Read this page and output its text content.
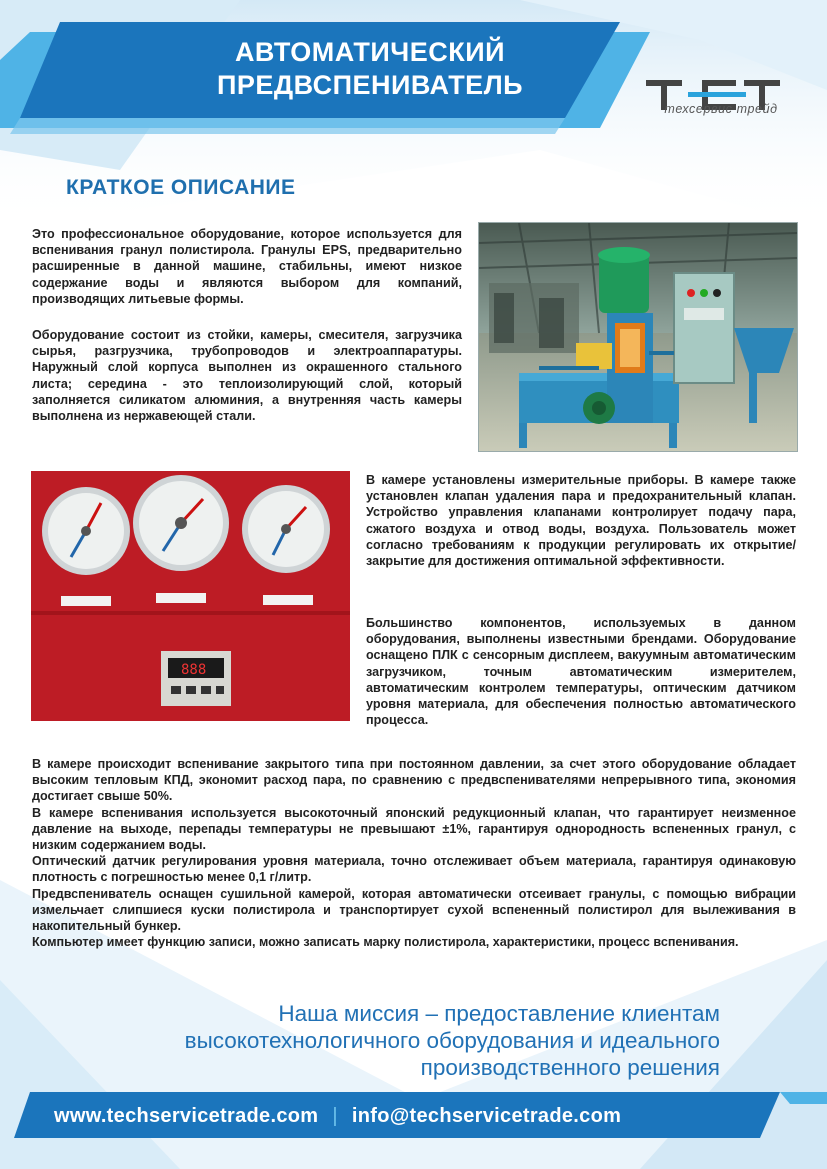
АВТОМАТИЧЕСКИЙ
ПРЕДВСПЕНИВАТЕЛЬ
техсервис трейд
КРАТКОЕ ОПИСАНИЕ

Это профессиональное оборудование, которое используется для вспенивания гранул полистирола. Гранулы EPS, предварительно расширенные в данной машине, стабильны, имеют низкое содержание воды и являются выбором для компаний, производящих литьевые формы.

Оборудование состоит из стойки, камеры, смесителя, загрузчика сырья, разгрузчика, трубопроводов и электроаппаратуры. Наружный слой корпуса выполнен из окрашенного стального листа; середина - это теплоизолирующий слой, который заполняется силикатом алюминия, а внутренняя часть камеры выполнена из нержавеющей стали.

888

В камере установлены измерительные приборы. В камере также установлен клапан удаления пара и предохранительный клапан. Устройство управления клапанами контролирует подачу пара, сжатого воздуха и отвод воды, воздуха. Пользователь может согласно требованиям к продукции регулировать их открытие/закрытие для достижения оптимальной эффективности.

Большинство компонентов, используемых в данном оборудования, выполнены известными брендами. Оборудование оснащено ПЛК с сенсорным дисплеем, вакуумным автоматическим загрузчиком, точным автоматическим измерителем, автоматическим контролем температуры, оптическим датчиком уровня материала, для обеспечения полностью автоматического процесса.

В камере происходит вспенивание закрытого типа при постоянном давлении, за счет этого оборудование обладает высоким тепловым КПД, экономит расход пара, по сравнению с предвспенивателями непрерывного типа, экономия достигает свыше 50%.
В камере вспенивания используется высокоточный японский редукционный клапан, что гарантирует неизменное давление на выходе, перепады температуры не превышают ±1%, гарантируя однородность вспененных гранул, с низким содержанием воды.
Оптический датчик регулирования уровня материала, точно отслеживает объем материала, гарантируя одинаковую плотность с погрешностью менее 0,1 г/литр.
Предвспениватель оснащен сушильной камерой, которая автоматически отсеивает гранулы, с помощью вибрации измельчает слипшиеся куски полистирола и транспортирует сухой вспененный полистирол для вылеживания в накопительный бункер.
Компьютер имеет функцию записи, можно записать марку полистирола, характеристики, процесс вспенивания.
Наша миссия – предоставление клиентам
высокотехнологичного оборудования и идеального
производственного решения
www.techservicetrade.com | info@techservicetrade.com
